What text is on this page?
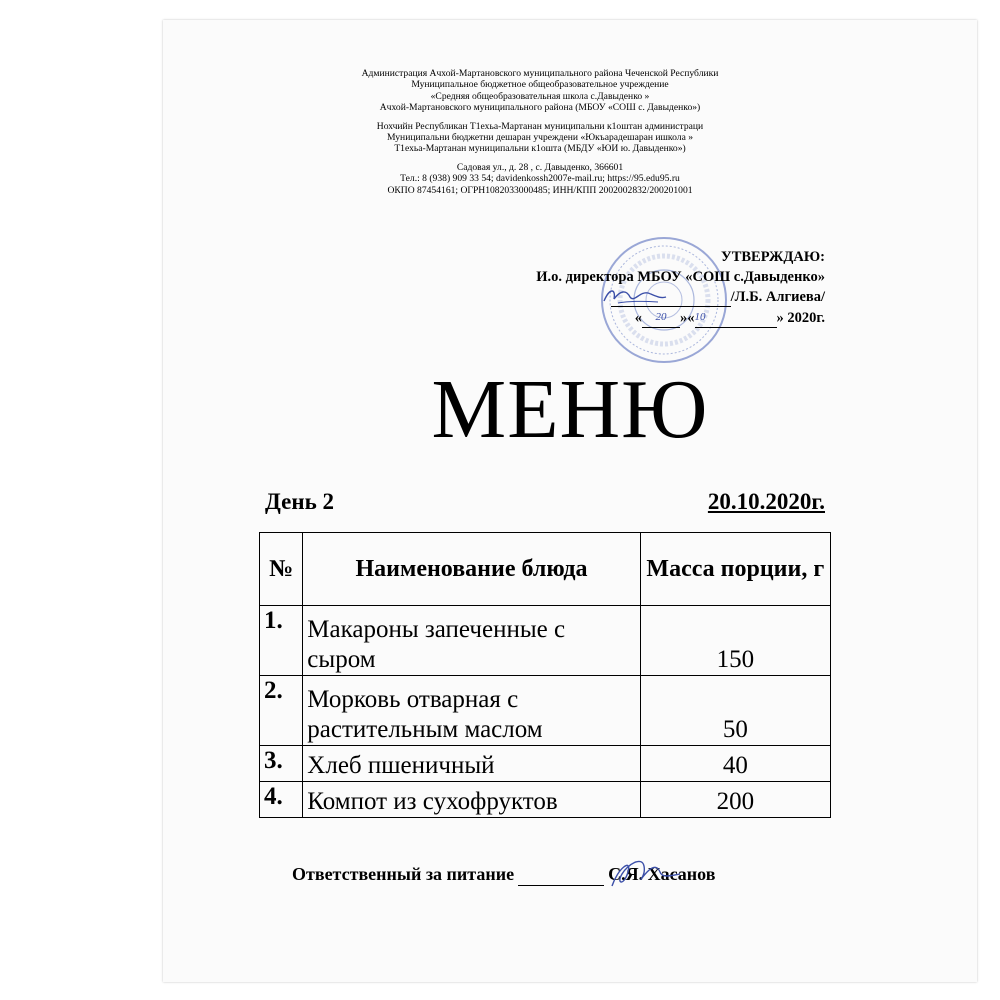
Администрация Ачхой-Мартановского муниципального района Чеченской Республики

Муниципальное бюджетное общеобразовательное учреждение

«Средняя общеобразовательная школа с.Давыденко »

Ачхой-Мартановского муниципального района (МБОУ «СОШ с. Давыденко»)

Нохчийн Республикан Т1ехьа-Мартанан муниципальни к1оштан администраци

Муниципальни бюджетни дешаран учреждени «Юкъарадешаран ишкола »

Т1ехьа-Мартанан муниципальни к1ошта (МБДУ «ЮИ ю. Давыденко»)

Садовая ул., д. 28 , с. Давыденко, 366601

Тел.: 8 (938) 909 33 54; davidenkossh2007e-mail.ru; https://95.edu95.ru

ОКПО 87454161; ОГРН1082033000485; ИНН/КПП 2002002832/200201001

УТВЕРЖДАЮ:

И.о. директора МБОУ «СОШ с.Давыденко»

/Л.Б. Алгиева/

« 20 »«10	» 2020г.

МЕНЮ
День 2	20.10.2020г.
№	Наименование блюда	Масса порции, г
1.	Макароны запеченные с сыром	150
2.	Морковь отварная с растительным маслом	50
3.	Хлеб пшеничный	40
4.	Компот из сухофруктов	200
Ответственный за питание	С.Я. Хасанов
